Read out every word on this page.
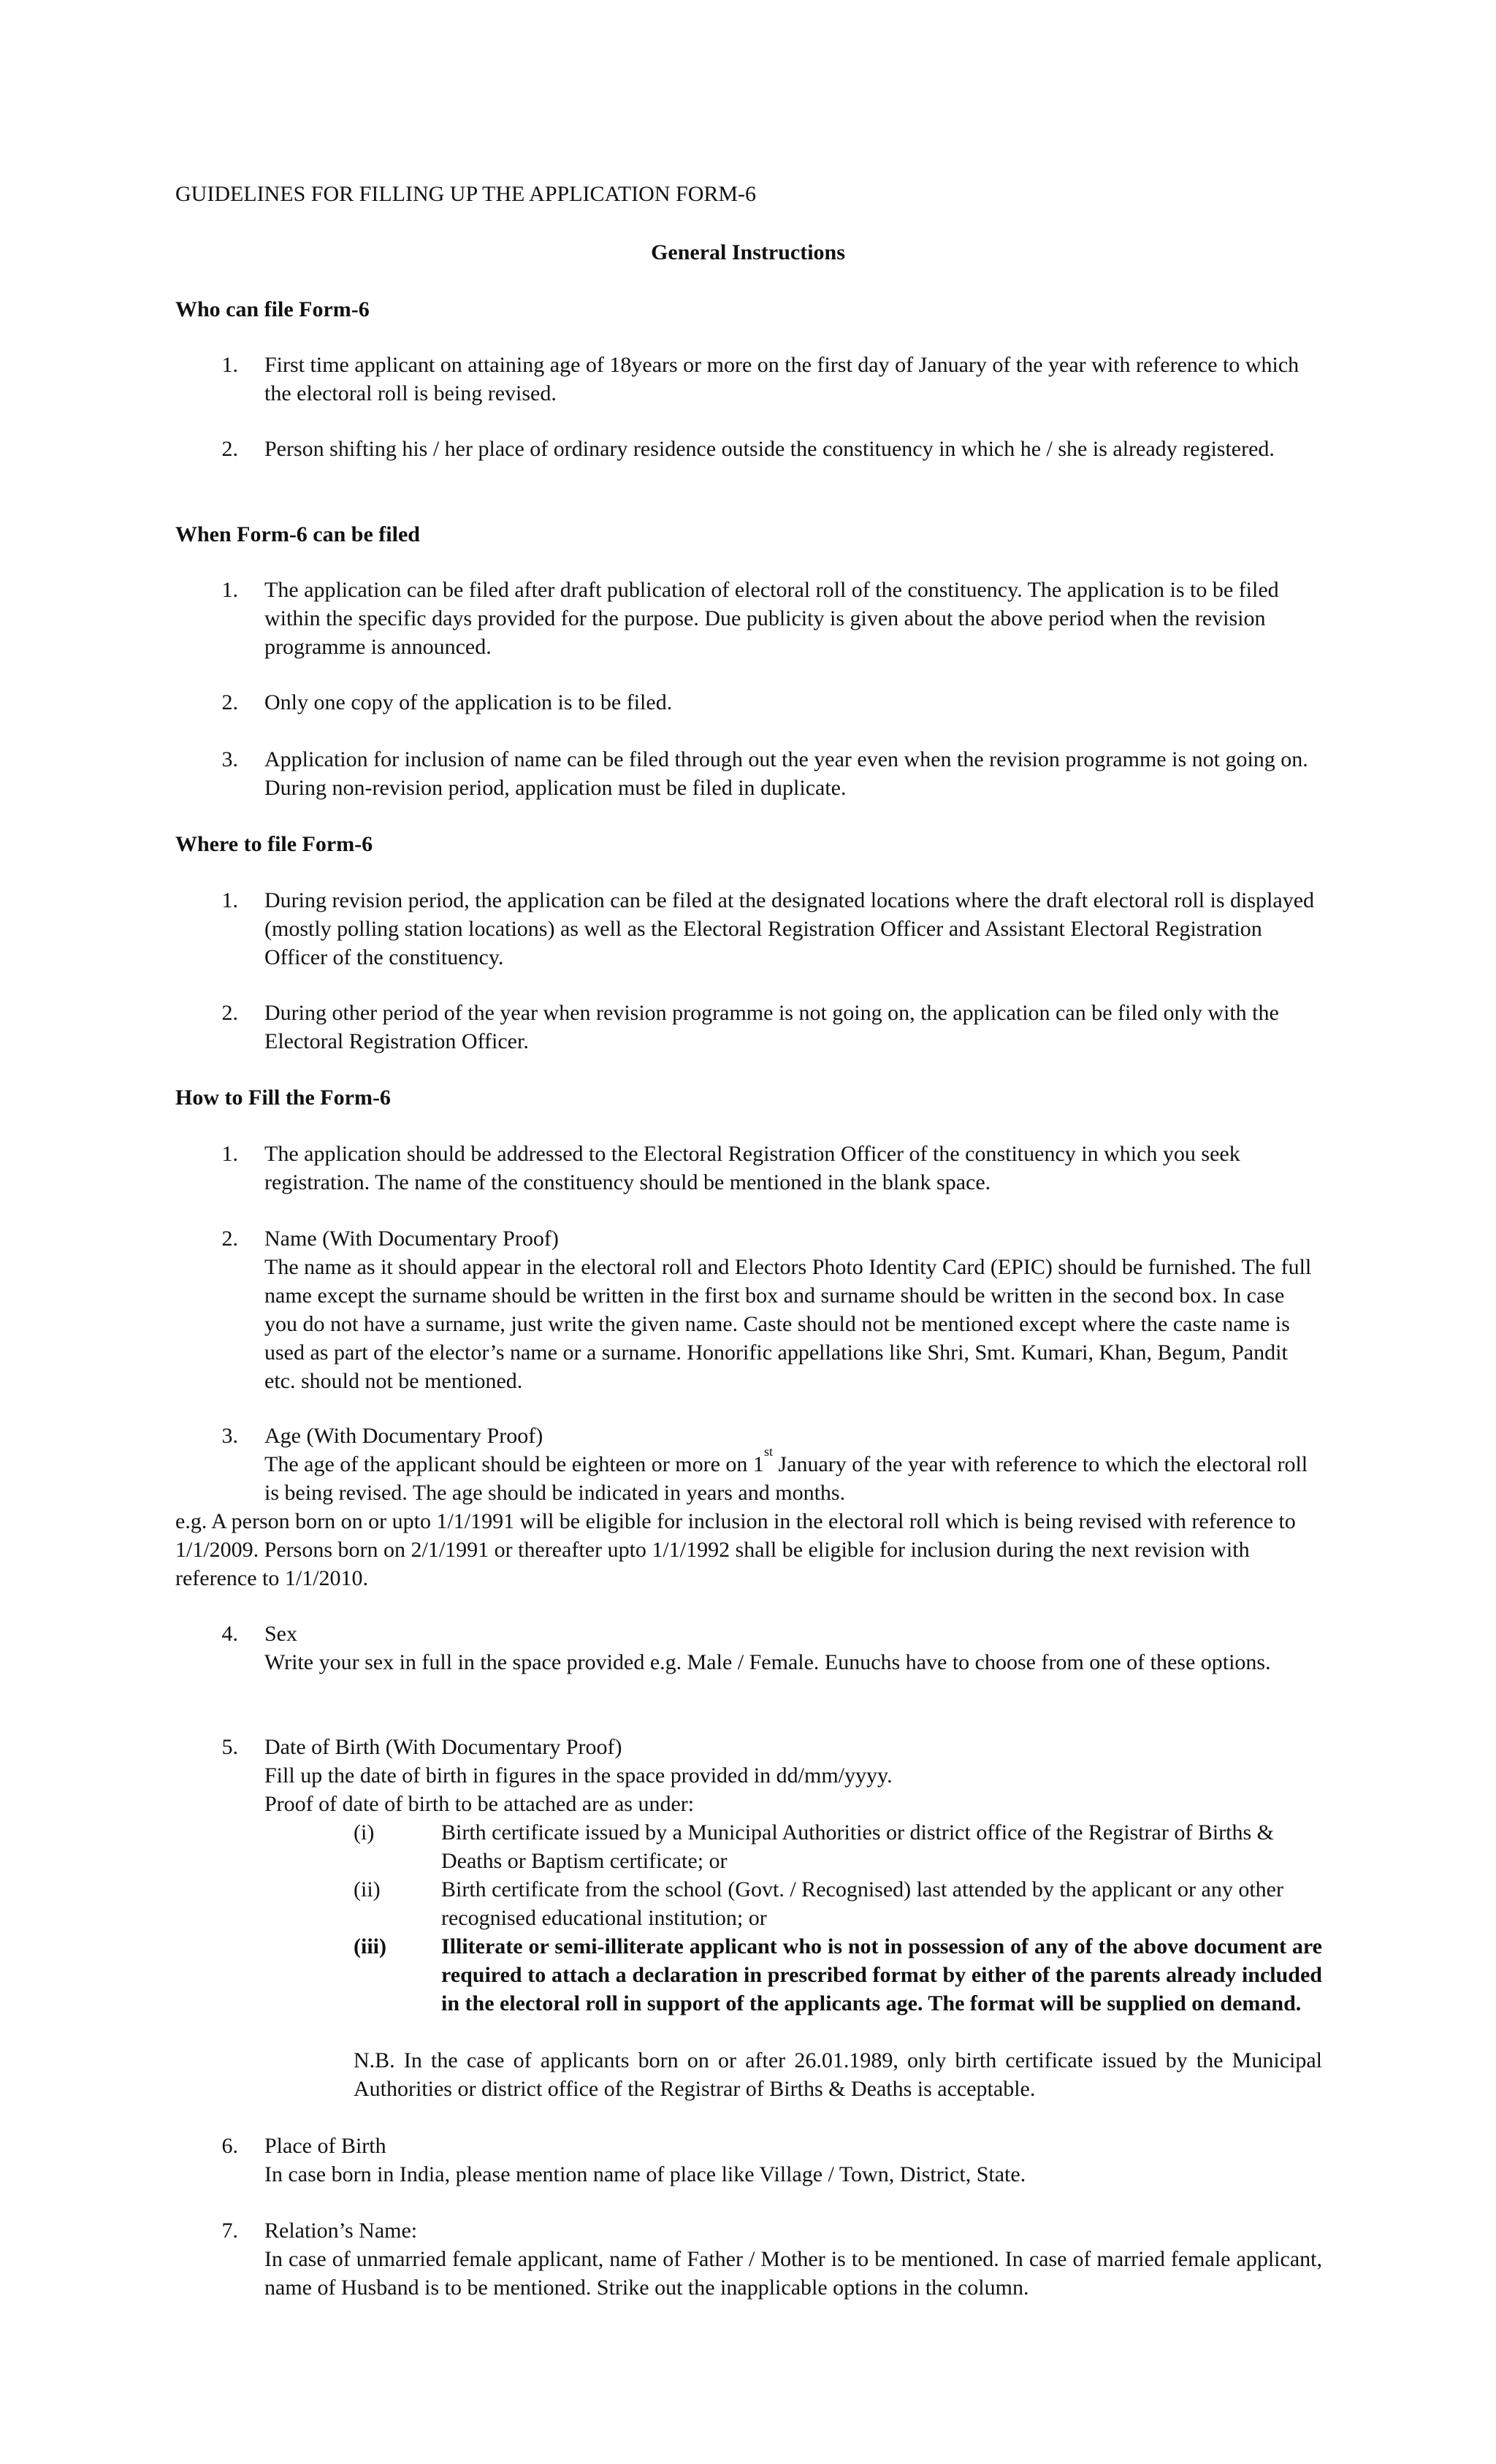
GUIDELINES FOR FILLING UP THE APPLICATION FORM-6
General Instructions
Who can file Form-6
1. First time applicant on attaining age of 18years or more on the first day of January of the year with reference to which the electoral roll is being revised.
2. Person shifting his / her place of ordinary residence outside the constituency in which he / she is already registered.
When Form-6 can be filed
1. The application can be filed after draft publication of electoral roll of the constituency. The application is to be filed within the specific days provided for the purpose. Due publicity is given about the above period when the revision programme is announced.
2. Only one copy of the application is to be filed.
3. Application for inclusion of name can be filed through out the year even when the revision programme is not going on. During non-revision period, application must be filed in duplicate.
Where to file Form-6
1. During revision period, the application can be filed at the designated locations where the draft electoral roll is displayed (mostly polling station locations) as well as the Electoral Registration Officer and Assistant Electoral Registration Officer of the constituency.
2. During other period of the year when revision programme is not going on, the application can be filed only with the Electoral Registration Officer.
How to Fill the Form-6
1. The application should be addressed to the Electoral Registration Officer of the constituency in which you seek registration. The name of the constituency should be mentioned in the blank space.
2. Name (With Documentary Proof)
The name as it should appear in the electoral roll and Electors Photo Identity Card (EPIC) should be furnished. The full name except the surname should be written in the first box and surname should be written in the second box. In case you do not have a surname, just write the given name. Caste should not be mentioned except where the caste name is used as part of the elector’s name or a surname. Honorific appellations like Shri, Smt. Kumari, Khan, Begum, Pandit etc. should not be mentioned.
3. Age (With Documentary Proof)
The age of the applicant should be eighteen or more on 1st January of the year with reference to which the electoral roll is being revised. The age should be indicated in years and months.
e.g. A person born on or upto 1/1/1991 will be eligible for inclusion in the electoral roll which is being revised with reference to 1/1/2009. Persons born on 2/1/1991 or thereafter upto 1/1/1992 shall be eligible for inclusion during the next revision with reference to 1/1/2010.
4. Sex
Write your sex in full in the space provided e.g. Male / Female. Eunuchs have to choose from one of these options.
5. Date of Birth (With Documentary Proof)
Fill up the date of birth in figures in the space provided in dd/mm/yyyy.
Proof of date of birth to be attached are as under:
(i)	Birth certificate issued by a Municipal Authorities or district office of the Registrar of Births & Deaths or Baptism certificate; or
(ii)	Birth certificate from the school (Govt. / Recognised) last attended by the applicant or any other recognised educational institution; or
(iii)	Illiterate or semi-illiterate applicant who is not in possession of any of the above document are required to attach a declaration in prescribed format by either of the parents already included in the electoral roll in support of the applicants age. The format will be supplied on demand.
N.B. In the case of applicants born on or after 26.01.1989, only birth certificate issued by the Municipal Authorities or district office of the Registrar of Births & Deaths is acceptable.
6. Place of Birth
In case born in India, please mention name of place like Village / Town, District, State.
7. Relation’s Name:
In case of unmarried female applicant, name of Father / Mother is to be mentioned. In case of married female applicant, name of Husband is to be mentioned. Strike out the inapplicable options in the column.
